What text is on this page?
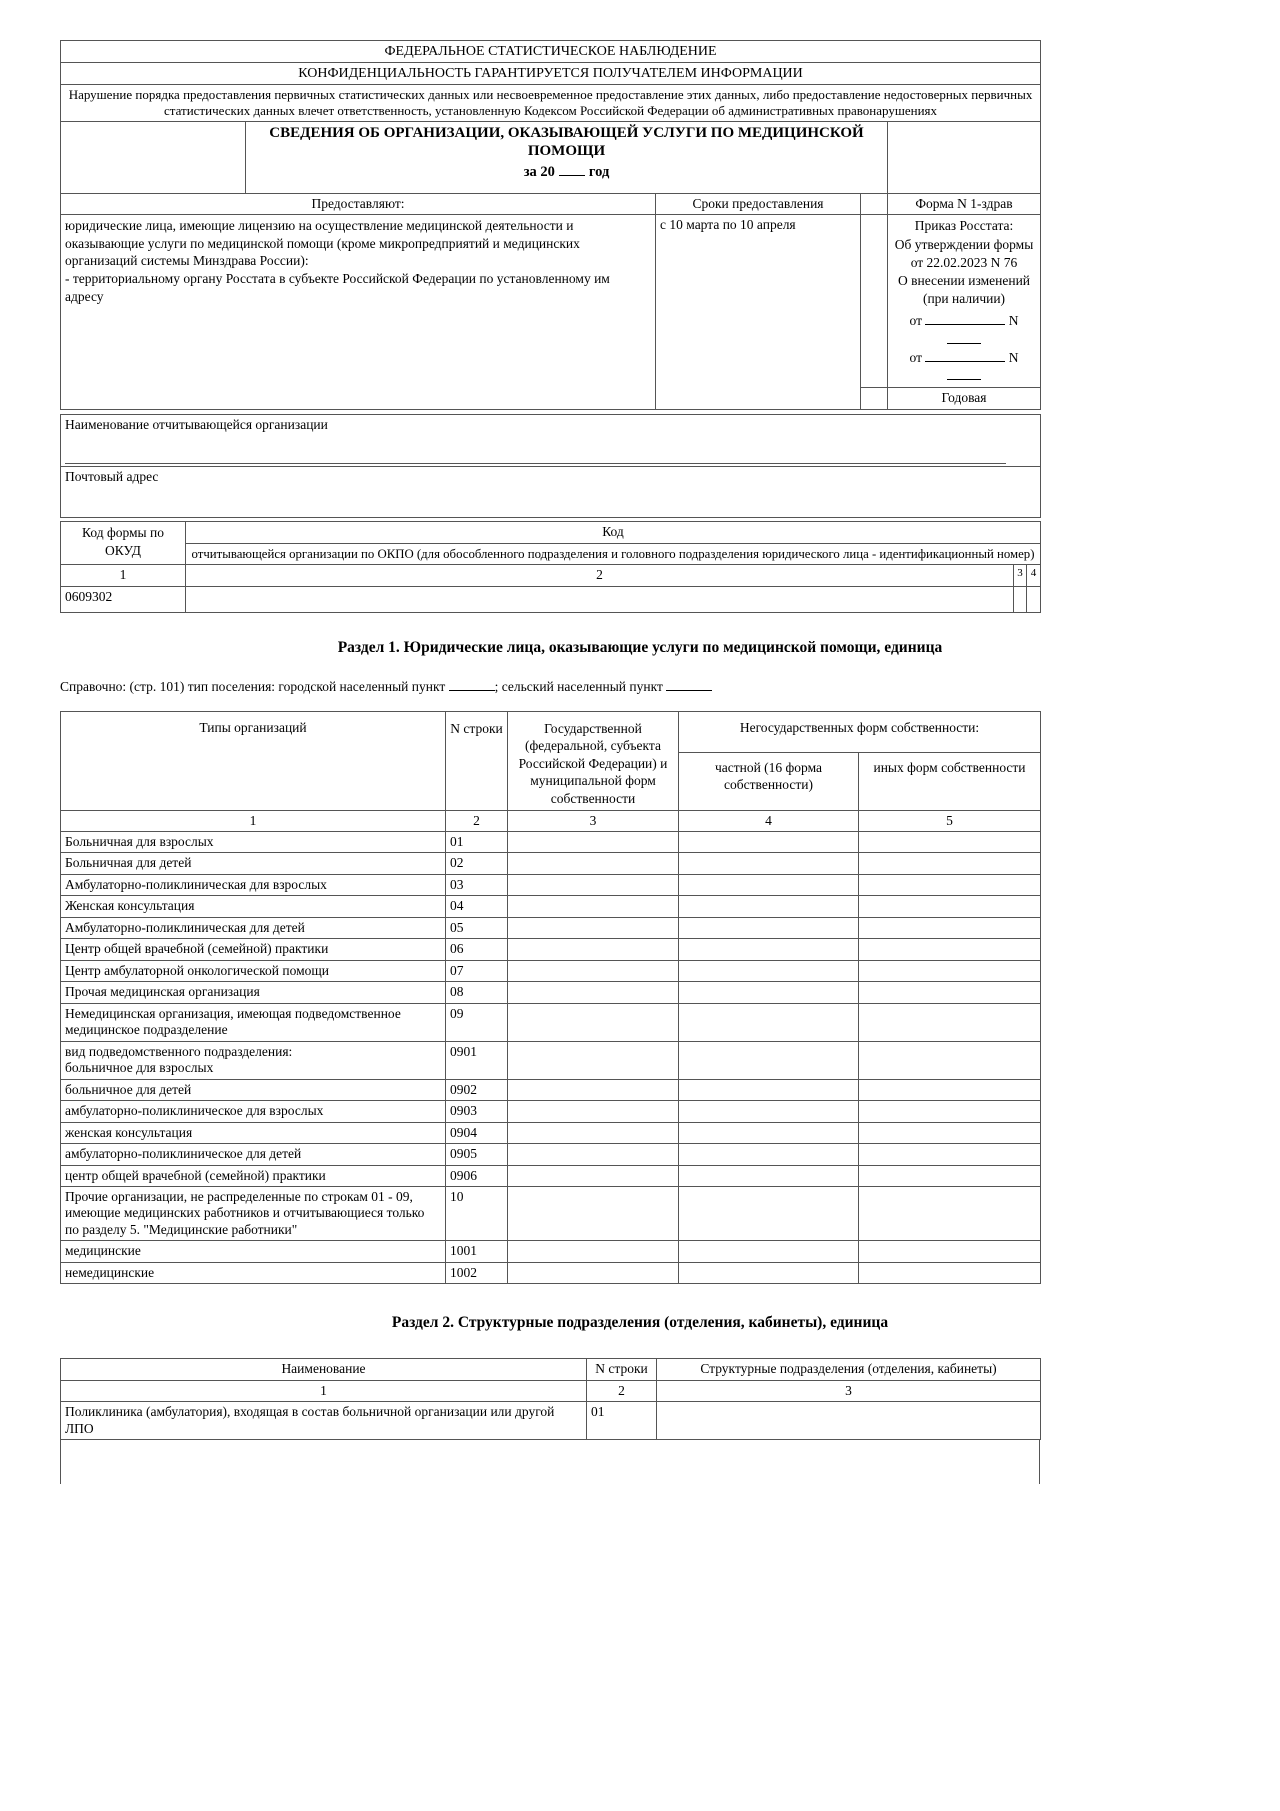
ФЕДЕРАЛЬНОЕ СТАТИСТИЧЕСКОЕ НАБЛЮДЕНИЕ				
КОНФИДЕНЦИАЛЬНОСТЬ ГАРАНТИРУЕТСЯ ПОЛУЧАТЕЛЕМ ИНФОРМАЦИИ				
Нарушение порядка предоставления первичных статистических данных или несвоевременное предоставление этих данных, либо предоставление недостоверных первичных статистических данных влечет ответственность, установленную Кодексом Российской Федерации об административных правонарушениях				

	СВЕДЕНИЯ ОБ ОРГАНИЗАЦИИ, ОКАЗЫВАЮЩЕЙ УСЛУГИ ПО МЕДИЦИНСКОЙ ПОМОЩИ
за 20 год			

Предоставляют:		Сроки предоставления		Форма N 1-здрав

юридические лица, имеющие лицензию на осуществление медицинской деятельности и оказывающие услуги по медицинской помощи (кроме микропредприятий и медицинских организаций системы Минздрава России):
- территориальному органу Росстата в субъекте Российской Федерации по установленному им адресу
	с 10 марта по 10 апреля		Приказ Росстата:
Об утверждении формы
от 22.02.2023 N 76
О внесении изменений
(при наличии)
от	N
от	N

				Годовая
Наименование отчитывающейся организации

Почтовый адрес
Код формы по ОКУД	Код		
	отчитывающейся организации по ОКПО (для обособленного подразделения и головного подразделения юридического лица - идентификационный номер)		
1	2	3	4
0609302			
Раздел 1. Юридические лица, оказывающие услуги по медицинской помощи, единица
Справочно: (стр. 101) тип поселения: городской населенный пункт	; сельский населенный пункт
Типы организаций	N строки	Государственной (федеральной, субъекта Российской Федерации) и муниципальной форм собственности	Негосударственных форм собственности:	
			частной (16 форма собственности)	иных форм собственности
1	2	3	4	5
Больничная для взрослых	01			
Больничная для детей	02			
Амбулаторно-поликлиническая для взрослых	03			
Женская консультация	04			
Амбулаторно-поликлиническая для детей	05			
Центр общей врачебной (семейной) практики	06			
Центр амбулаторной онкологической помощи	07			
Прочая медицинская организация	08			
Немедицинская организация, имеющая подведомственное медицинское подразделение	09			
вид подведомственного подразделения:
больничное для взрослых	0901			
больничное для детей	0902			
амбулаторно-поликлиническое для взрослых	0903			
женская консультация	0904			
амбулаторно-поликлиническое для детей	0905			
центр общей врачебной (семейной) практики	0906			
Прочие организации, не распределенные по строкам 01 - 09, имеющие медицинских работников и отчитывающиеся только по разделу 5. "Медицинские работники"	10			
медицинские	1001			
немедицинские	1002			
Раздел 2. Структурные подразделения (отделения, кабинеты), единица
Наименование	N строки	Структурные подразделения (отделения, кабинеты)
1	2	3
Поликлиника (амбулатория), входящая в состав больничной организации или другой ЛПО	01	
